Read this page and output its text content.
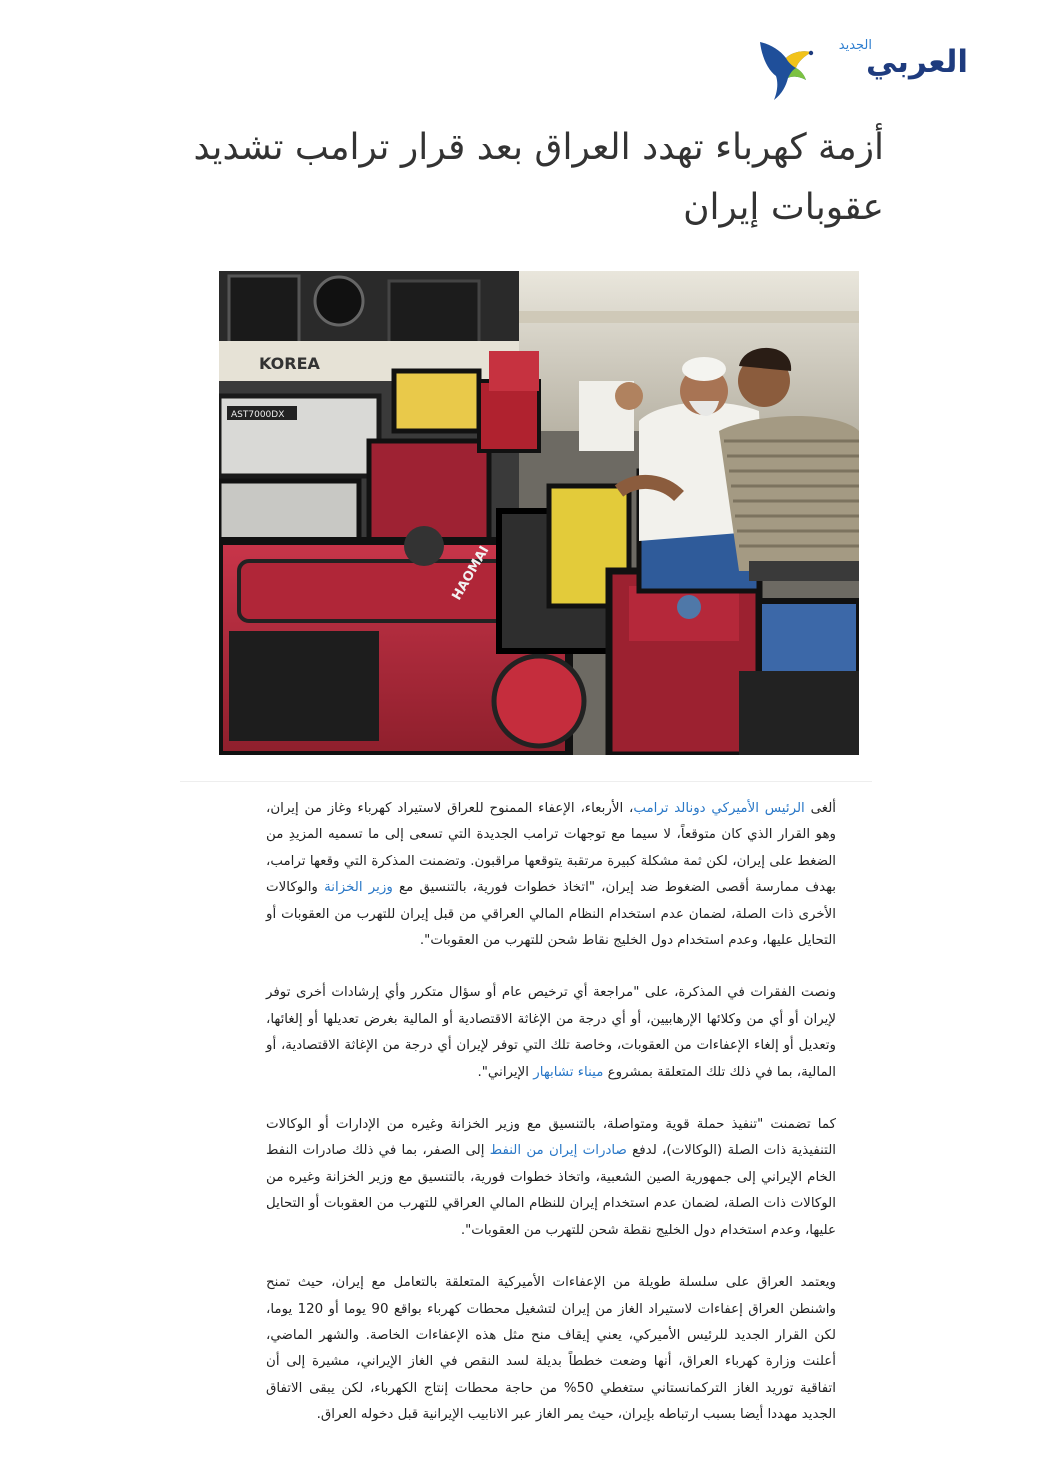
الجديد
العربي
أزمة كهرباء تهدد العراق بعد قرار ترامب تشديد عقوبات إيران
KOREA
AST7000DX
HAOMAI

ألغى الرئيس الأميركي دونالد ترامب، الأربعاء، الإعفاء الممنوح للعراق لاستيراد كهرباء وغاز من إيران، وهو القرار الذي كان متوقعاً، لا سيما مع توجهات ترامب الجديدة التي تسعى إلى ما تسميه المزيدِ من الضغط على إيران، لكن ثمة مشكلة كبيرة مرتقبة يتوقعها مراقبون. وتضمنت المذكرة التي وقعها ترامب، بهدف ممارسة أقصى الضغوط ضد إيران، "اتخاذ خطوات فورية، بالتنسيق مع وزير الخزانة والوكالات الأخرى ذات الصلة، لضمان عدم استخدام النظام المالي العراقي من قبل إيران للتهرب من العقوبات أو التحايل عليها، وعدم استخدام دول الخليج نقاط شحن للتهرب من العقوبات".

ونصت الفقرات في المذكرة، على "مراجعة أي ترخيص عام أو سؤال متكرر وأي إرشادات أخرى توفر لإيران أو أي من وكلائها الإرهابيين، أو أي درجة من الإغاثة الاقتصادية أو المالية بغرض تعديلها أو إلغائها، وتعديل أو إلغاء الإعفاءات من العقوبات، وخاصة تلك التي توفر لإيران أي درجة من الإغاثة الاقتصادية، أو المالية، بما في ذلك تلك المتعلقة بمشروع ميناء تشابهار الإيراني".

كما تضمنت "تنفيذ حملة قوية ومتواصلة، بالتنسيق مع وزير الخزانة وغيره من الإدارات أو الوكالات التنفيذية ذات الصلة (الوكالات)، لدفع صادرات إيران من النفط إلى الصفر، بما في ذلك صادرات النفط الخام الإيراني إلى جمهورية الصين الشعبية، واتخاذ خطوات فورية، بالتنسيق مع وزير الخزانة وغيره من الوكالات ذات الصلة، لضمان عدم استخدام إيران للنظام المالي العراقي للتهرب من العقوبات أو التحايل عليها، وعدم استخدام دول الخليج نقطة شحن للتهرب من العقوبات".

ويعتمد العراق على سلسلة طويلة من الإعفاءات الأميركية المتعلقة بالتعامل مع إيران، حيث تمنح واشنطن العراق إعفاءات لاستيراد الغاز من إيران لتشغيل محطات كهرباء بواقع 90 يوما أو 120 يوما، لكن القرار الجديد للرئيس الأميركي، يعني إيقاف منح مثل هذه الإعفاءات الخاصة. والشهر الماضي، أعلنت وزارة كهرباء العراق، أنها وضعت خططاً بديلة لسد النقص في الغاز الإيراني، مشيرة إلى أن اتفاقية توريد الغاز التركمانستاني ستغطي 50% من حاجة محطات إنتاج الكهرباء، لكن يبقى الاتفاق الجديد مهددا أيضا بسبب ارتباطه بإيران، حيث يمر الغاز عبر الانابيب الإيرانية قبل دخوله العراق.
